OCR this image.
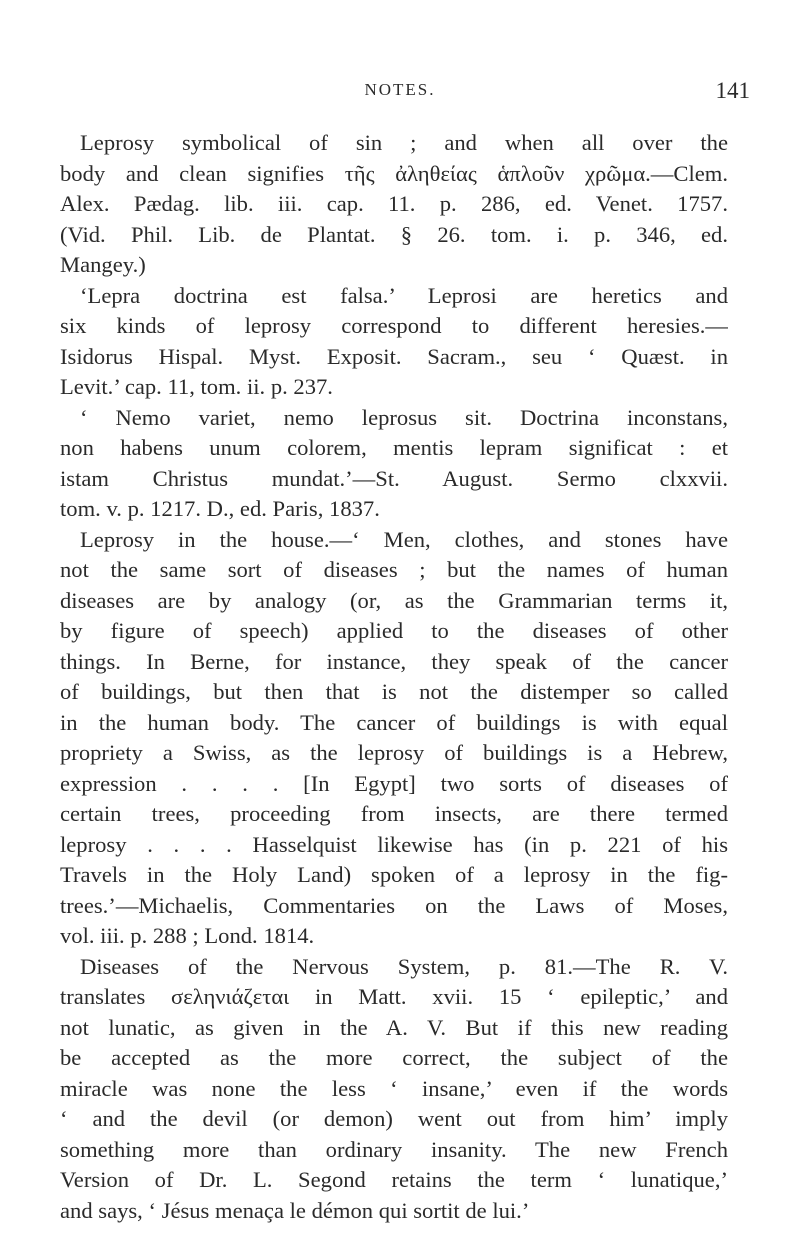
NOTES.	141
Leprosy symbolical of sin ; and when all over the
body and clean signifies τῆς ἀληθείας ἁπλοῦν χρῶμα.—Clem.
Alex. Pædag. lib. iii. cap. 11. p. 286, ed. Venet. 1757.
(Vid. Phil. Lib. de Plantat. § 26. tom. i. p. 346, ed.
Mangey.)
‘Lepra doctrina est falsa.’ Leprosi are heretics and
six kinds of leprosy correspond to different heresies.—
Isidorus Hispal. Myst. Exposit. Sacram., seu ‘ Quæst. in
Levit.’ cap. 11, tom. ii. p. 237.
‘ Nemo variet, nemo leprosus sit. Doctrina inconstans,
non habens unum colorem, mentis lepram significat : et
istam Christus mundat.’—St. August. Sermo clxxvii.
tom. v. p. 1217. D., ed. Paris, 1837.
Leprosy in the house.—‘ Men, clothes, and stones have
not the same sort of diseases ; but the names of human
diseases are by analogy (or, as the Grammarian terms it,
by figure of speech) applied to the diseases of other
things. In Berne, for instance, they speak of the cancer
of buildings, but then that is not the distemper so called
in the human body. The cancer of buildings is with equal
propriety a Swiss, as the leprosy of buildings is a Hebrew,
expression . . . . [In Egypt] two sorts of diseases of
certain trees, proceeding from insects, are there termed
leprosy . . . . Hasselquist likewise has (in p. 221 of his
Travels in the Holy Land) spoken of a leprosy in the fig-
trees.’—Michaelis, Commentaries on the Laws of Moses,
vol. iii. p. 288 ; Lond. 1814.
Diseases of the Nervous System, p. 81.—The R. V.
translates σεληνιάζεται in Matt. xvii. 15 ‘ epileptic,’ and
not lunatic, as given in the A. V. But if this new reading
be accepted as the more correct, the subject of the
miracle was none the less ‘ insane,’ even if the words
‘ and the devil (or demon) went out from him’ imply
something more than ordinary insanity. The new French
Version of Dr. L. Segond retains the term ‘ lunatique,’
and says, ‘ Jésus menaça le démon qui sortit de lui.’
